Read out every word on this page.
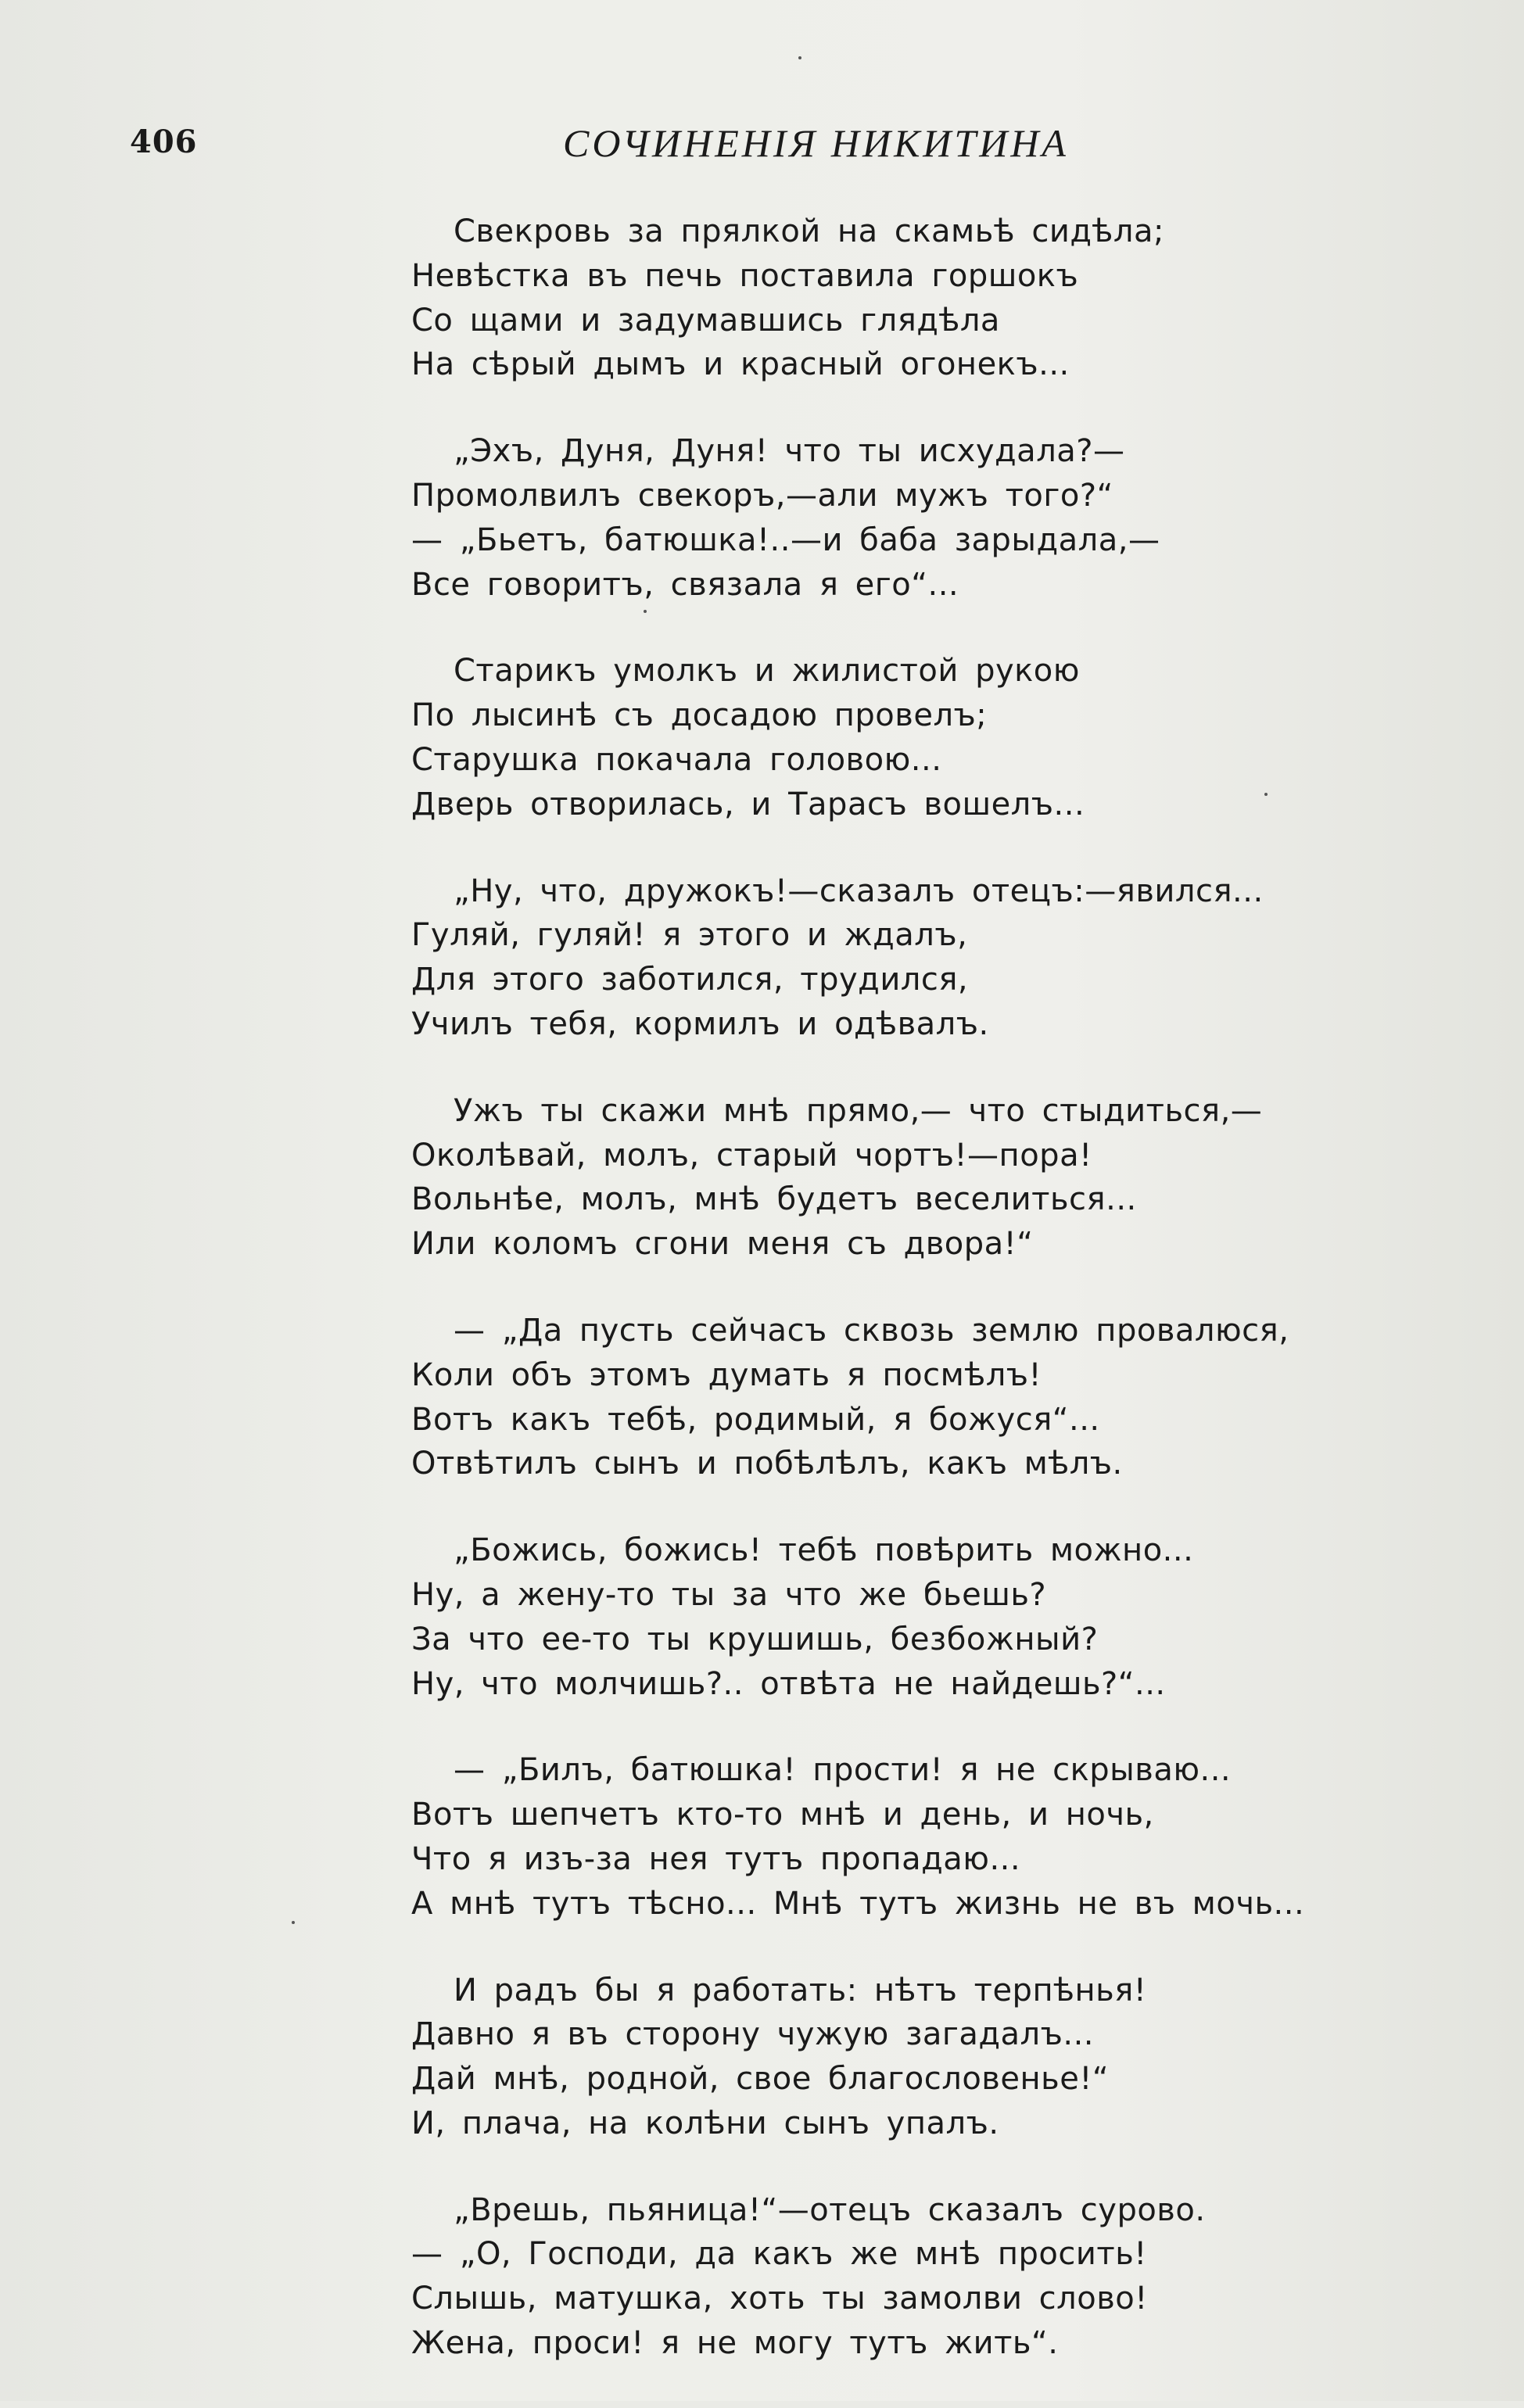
406	СОЧИНЕНІЯ НИКИТИНА
Свекровь за прялкой на скамьѣ сидѣла;
Невѣстка въ печь поставила горшокъ
Со щами и задумавшись глядѣла
На сѣрый дымъ и красный огонекъ...
„Эхъ, Дуня, Дуня! что ты исхудала?—
Промолвилъ свекоръ,—али мужъ того?“
— „Бьетъ, батюшка!..—и баба зарыдала,—
Все говоритъ, связала я его“...
Старикъ умолкъ и жилистой рукою
По лысинѣ съ досадою провелъ;
Старушка покачала головою...
Дверь отворилась, и Тарасъ вошелъ...
„Ну, что, дружокъ!—сказалъ отецъ:—явился...
Гуляй, гуляй! я этого и ждалъ,
Для этого заботился, трудился,
Училъ тебя, кормилъ и одѣвалъ.
Ужъ ты скажи мнѣ прямо,— что стыдиться,—
Околѣвай, молъ, старый чортъ!—пора!
Вольнѣе, молъ, мнѣ будетъ веселиться...
Или коломъ сгони меня съ двора!“
— „Да пусть сейчасъ сквозь землю провалюся,
Коли объ этомъ думать я посмѣлъ!
Вотъ какъ тебѣ, родимый, я божуся“...
Отвѣтилъ сынъ и побѣлѣлъ, какъ мѣлъ.
„Божись, божись! тебѣ повѣрить можно...
Ну, а жену-то ты за что же бьешь?
За что ее-то ты крушишь, безбожный?
Ну, что молчишь?.. отвѣта не найдешь?“...
— „Билъ, батюшка! прости! я не скрываю...
Вотъ шепчетъ кто-то мнѣ и день, и ночь,
Что я изъ-за нея тутъ пропадаю...
А мнѣ тутъ тѣсно... Мнѣ тутъ жизнь не въ мочь...
И радъ бы я работать: нѣтъ терпѣнья!
Давно я въ сторону чужую загадалъ...
Дай мнѣ, родной, свое благословенье!“
И, плача, на колѣни сынъ упалъ.
„Врешь, пьяница!“—отецъ сказалъ сурово.
— „О, Господи, да какъ же мнѣ просить!
Слышь, матушка, хоть ты замолви слово!
Жена, проси! я не могу тутъ жить“.
